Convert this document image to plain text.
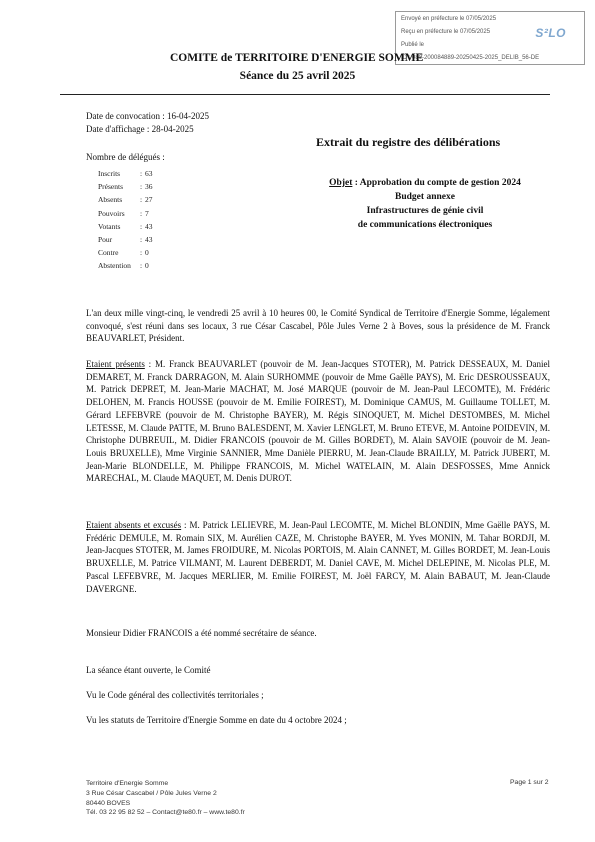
Envoyé en préfecture le 07/05/2025
Reçu en préfecture le 07/05/2025
Publié le
ID : 080-200084889-20250425-2025_DELIB_56-DE
S²LO
COMITE de TERRITOIRE D'ENERGIE SOMME
Séance du 25 avril 2025
Date de convocation : 16-04-2025
Date d'affichage : 28-04-2025
Nombre de délégués :
Inscrits	: 63
Présents	: 36
Absents	: 27
Pouvoirs	: 7
Votants	: 43
Pour	: 43
Contre	: 0
Abstention	: 0
Extrait du registre des délibérations
Objet : Approbation du compte de gestion 2024
Budget annexe
Infrastructures de génie civil
de communications électroniques
L'an deux mille vingt-cinq, le vendredi 25 avril à 10 heures 00, le Comité Syndical de Territoire d'Energie Somme, légalement convoqué, s'est réuni dans ses locaux, 3 rue César Cascabel, Pôle Jules Verne 2 à Boves, sous la présidence de M. Franck BEAUVARLET, Président.
Etaient présents : M. Franck BEAUVARLET (pouvoir de M. Jean-Jacques STOTER), M. Patrick DESSEAUX, M. Daniel DEMARET, M. Franck DARRAGON, M. Alain SURHOMME (pouvoir de Mme Gaëlle PAYS), M. Eric DESROUSSEAUX, M. Patrick DEPRET, M. Jean-Marie MACHAT, M. José MARQUE (pouvoir de M. Jean-Paul LECOMTE), M. Frédéric DELOHEN, M. Francis HOUSSE (pouvoir de M. Emilie FOIREST), M. Dominique CAMUS, M. Guillaume TOLLET, M. Gérard LEFEBVRE (pouvoir de M. Christophe BAYER), M. Régis SINOQUET, M. Michel DESTOMBES, M. Michel LETESSE, M. Claude PATTE, M. Bruno BALESDENT, M. Xavier LENGLET, M. Bruno ETEVE, M. Antoine POIDEVIN, M. Christophe DUBREUIL, M. Didier FRANCOIS (pouvoir de M. Gilles BORDET), M. Alain SAVOIE (pouvoir de M. Jean-Louis BRUXELLE), Mme Virginie SANNIER, Mme Danièle PIERRU, M. Jean-Claude BRAILLY, M. Patrick JUBERT, M. Jean-Marie BLONDELLE, M. Philippe FRANCOIS, M. Michel WATELAIN, M. Alain DESFOSSES, Mme Annick MARECHAL, M. Claude MAQUET, M. Denis DUROT.
Etaient absents et excusés : M. Patrick LELIEVRE, M. Jean-Paul LECOMTE, M. Michel BLONDIN, Mme Gaëlle PAYS, M. Frédéric DEMULE, M. Romain SIX, M. Aurélien CAZE, M. Christophe BAYER, M. Yves MONIN, M. Tahar BORDJI, M. Jean-Jacques STOTER, M. James FROIDURE, M. Nicolas PORTOIS, M. Alain CANNET, M. Gilles BORDET, M. Jean-Louis BRUXELLE, M. Patrice VILMANT, M. Laurent DEBERDT, M. Daniel CAVE, M. Michel DELEPINE, M. Nicolas PLE, M. Pascal LEFEBVRE, M. Jacques MERLIER, M. Emilie FOIREST, M. Joël FARCY, M. Alain BABAUT, M. Jean-Claude DAVERGNE.
Monsieur Didier FRANCOIS a été nommé secrétaire de séance.
La séance étant ouverte, le Comité
Vu le Code général des collectivités territoriales ;
Vu les statuts de Territoire d'Energie Somme en date du 4 octobre 2024 ;
Territoire d'Energie Somme
3 Rue César Cascabel / Pôle Jules Verne 2
80440 BOVES
Tél. 03 22 95 82 52 – Contact@te80.fr – www.te80.fr
Page 1 sur 2
